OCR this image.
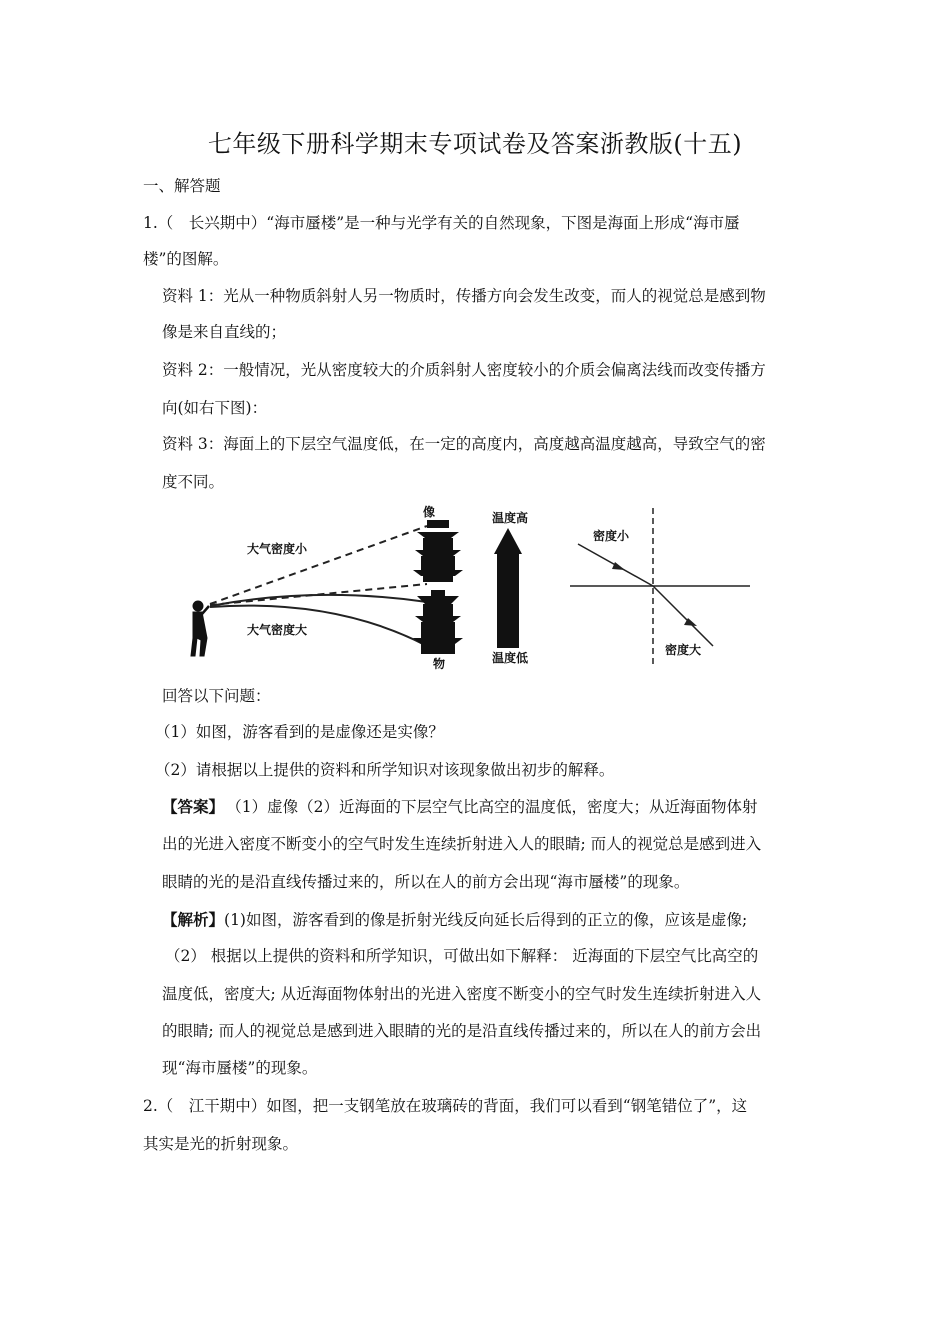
七年级下册科学期末专项试卷及答案浙教版(十五)
一、解答题
1.（　长兴期中）“海市蜃楼”是一种与光学有关的自然现象，下图是海面上形成“海市蜃
楼”的图解。
资料 1：光从一种物质斜射人另一物质时，传播方向会发生改变，而人的视觉总是感到物
像是来自直线的；
资料 2：一般情况，光从密度较大的介质斜射人密度较小的介质会偏离法线而改变传播方
向(如右下图)：
资料 3：海面上的下层空气温度低，在一定的高度内，高度越高温度越高，导致空气的密
度不同。
像
大气密度小
大气密度大
物
温度高
温度低
密度小
密度大
回答以下问题：
（1）如图，游客看到的是虚像还是实像？
（2）请根据以上提供的资料和所学知识对该现象做出初步的解释。
【答案】 （1）虚像（2）近海面的下层空气比高空的温度低，密度大；从近海面物体射
出的光进入密度不断变小的空气时发生连续折射进入人的眼睛; 而人的视觉总是感到进入
眼睛的光的是沿直线传播过来的，所以在人的前方会出现“海市蜃楼”的现象。
【解析】(1)如图，游客看到的像是折射光线反向延长后得到的正立的像，应该是虚像;
（2） 根据以上提供的资料和所学知识，可做出如下解释： 近海面的下层空气比高空的
温度低，密度大; 从近海面物体射出的光进入密度不断变小的空气时发生连续折射进入人
的眼睛; 而人的视觉总是感到进入眼睛的光的是沿直线传播过来的，所以在人的前方会出
现“海市蜃楼”的现象。
2.（　江干期中）如图，把一支钢笔放在玻璃砖的背面，我们可以看到“钢笔错位了”，这
其实是光的折射现象。
